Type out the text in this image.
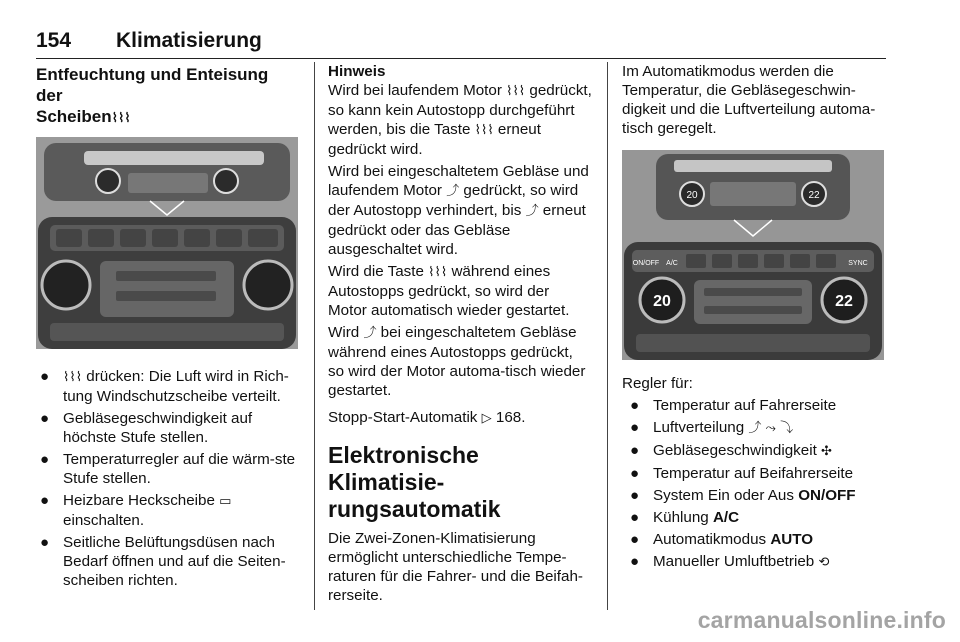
154 Klimatisierung
Entfeuchtung und Enteisung der
Scheiben⌇⌇⌇
● ⌇⌇⌇ drücken: Die Luft wird in Rich-tung Windschutzscheibe verteilt.
● Gebläsegeschwindigkeit auf höchste Stufe stellen.
● Temperaturregler auf die wärm-ste Stufe stellen.
● Heizbare Heckscheibe ▭ einschalten.
● Seitliche Belüftungsdüsen nach Bedarf öffnen und auf die Seiten-scheiben richten.
Hinweis

Wird bei laufendem Motor ⌇⌇⌇ gedrückt, so kann kein Autostopp durchgeführt werden, bis die Taste ⌇⌇⌇ erneut gedrückt wird.

Wird bei eingeschaltetem Gebläse und laufendem Motor ⤴ gedrückt, so wird der Autostopp verhindert, bis ⤴ erneut gedrückt oder das Gebläse ausgeschaltet wird.

Wird die Taste ⌇⌇⌇ während eines Autostopps gedrückt, so wird der Motor automatisch wieder gestartet.

Wird ⤴ bei eingeschaltetem Gebläse während eines Autostopps gedrückt, so wird der Motor automa-tisch wieder gestartet.

Stopp-Start-Automatik ▷ 168.

Elektronische Klimatisie-
rungsautomatik

Die Zwei-Zonen-Klimatisierung ermöglicht unterschiedliche Tempe-raturen für die Fahrer- und die Beifah-rerseite.

Im Automatikmodus werden die Temperatur, die Gebläsegeschwin-digkeit und die Luftverteilung automa-tisch geregelt.

20	22
ON/OFF A/C	SYNC
20	22

Regler für:

● Temperatur auf Fahrerseite
● Luftverteilung ⤴ ⤳ ⤵
● Gebläsegeschwindigkeit ✣
● Temperatur auf Beifahrerseite
● System Ein oder Aus ON/OFF
● Kühlung A/C
● Automatikmodus AUTO
● Manueller Umluftbetrieb ⟲
carmanualsonline.info
